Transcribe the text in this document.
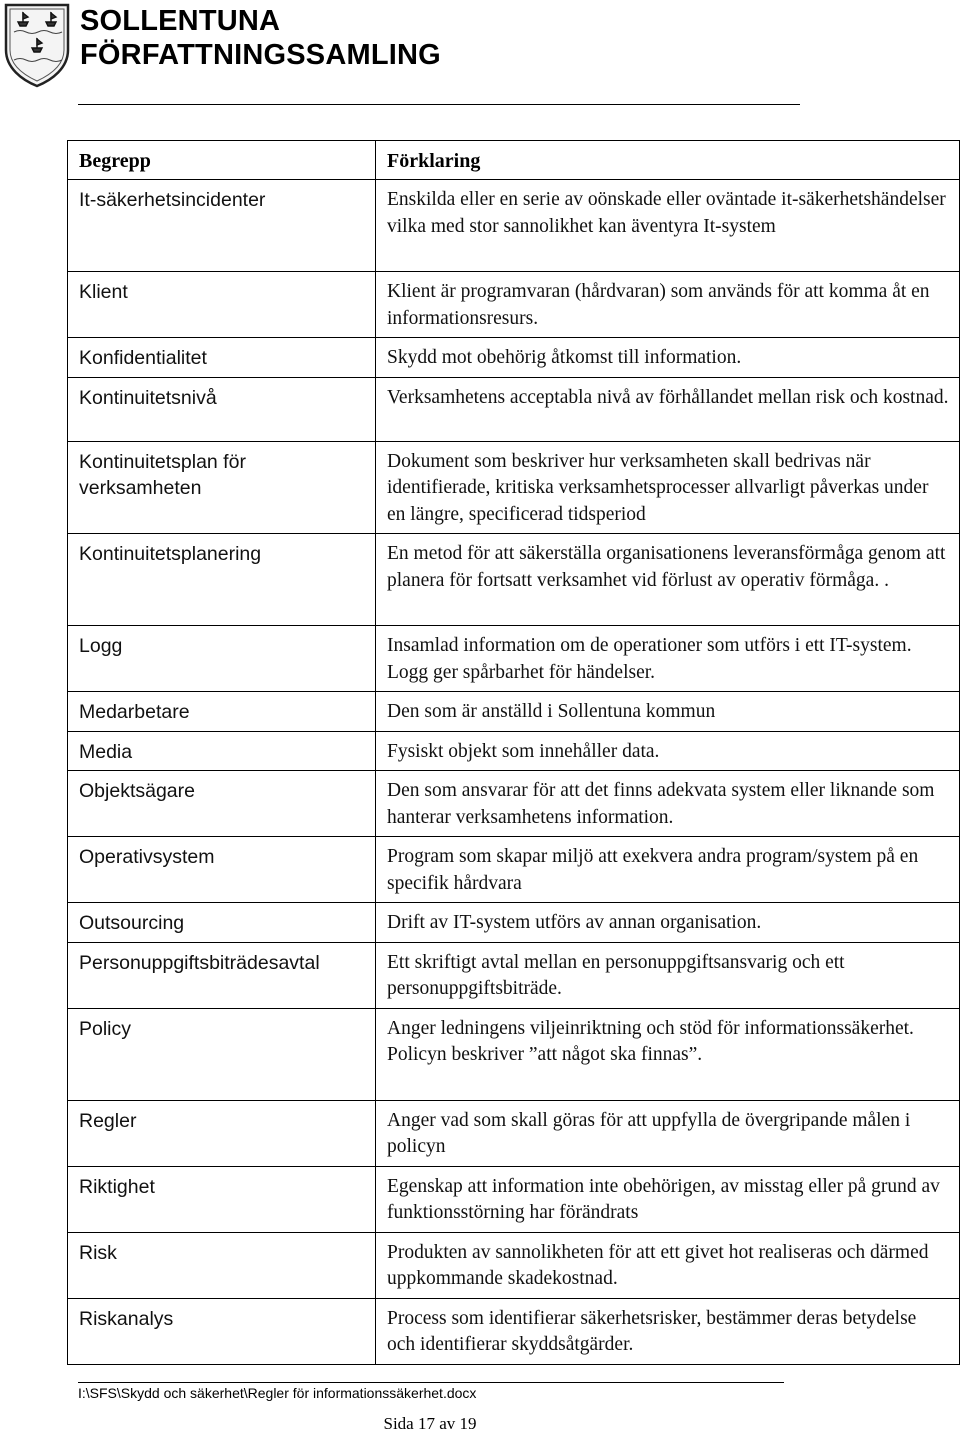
SOLLENTUNA
FÖRFATTNINGSSAMLING
Begrepp	Förklaring
It-säkerhetsincidenter	Enskilda eller en serie av oönskade eller oväntade it-säkerhetshändelser vilka med stor sannolikhet kan äventyra It-system
Klient	Klient är programvaran (hårdvaran) som används för att komma åt en informationsresurs.
Konfidentialitet	Skydd mot obehörig åtkomst till information.
Kontinuitetsnivå	Verksamhetens acceptabla nivå av förhållandet mellan risk och kostnad.
Kontinuitetsplan för verksamheten	Dokument som beskriver hur verksamheten skall bedrivas när identifierade, kritiska verksamhetsprocesser allvarligt påverkas under en längre, specificerad tidsperiod
Kontinuitetsplanering	En metod för att säkerställa organisationens leveransförmåga genom att planera för fortsatt verksamhet vid förlust av operativ förmåga. .
Logg	Insamlad information om de operationer som utförs i ett IT-system. Logg ger spårbarhet för händelser.
Medarbetare	Den som är anställd i Sollentuna kommun
Media	Fysiskt objekt som innehåller data.
Objektsägare	Den som ansvarar för att det finns adekvata system eller liknande som hanterar verksamhetens information.
Operativsystem	Program som skapar miljö att exekvera andra program/system på en specifik hårdvara
Outsourcing	Drift av IT-system utförs av annan organisation.
Personuppgiftsbiträdesavtal	Ett skriftigt avtal mellan en personuppgiftsansvarig och ett personuppgiftsbiträde.
Policy	Anger ledningens viljeinriktning och stöd för informationssäkerhet. Policyn beskriver ”att något ska finnas”.
Regler	Anger vad som skall göras för att uppfylla de övergripande målen i policyn
Riktighet	Egenskap att information inte obehörigen, av misstag eller på grund av funktionsstörning har förändrats
Risk	Produkten av sannolikheten för att ett givet hot realiseras och därmed uppkommande skadekostnad.
Riskanalys	Process som identifierar säkerhetsrisker, bestämmer deras betydelse och identifierar skyddsåtgärder.
I:\SFS\Skydd och säkerhet\Regler för informationssäkerhet.docx
Sida 17 av 19
